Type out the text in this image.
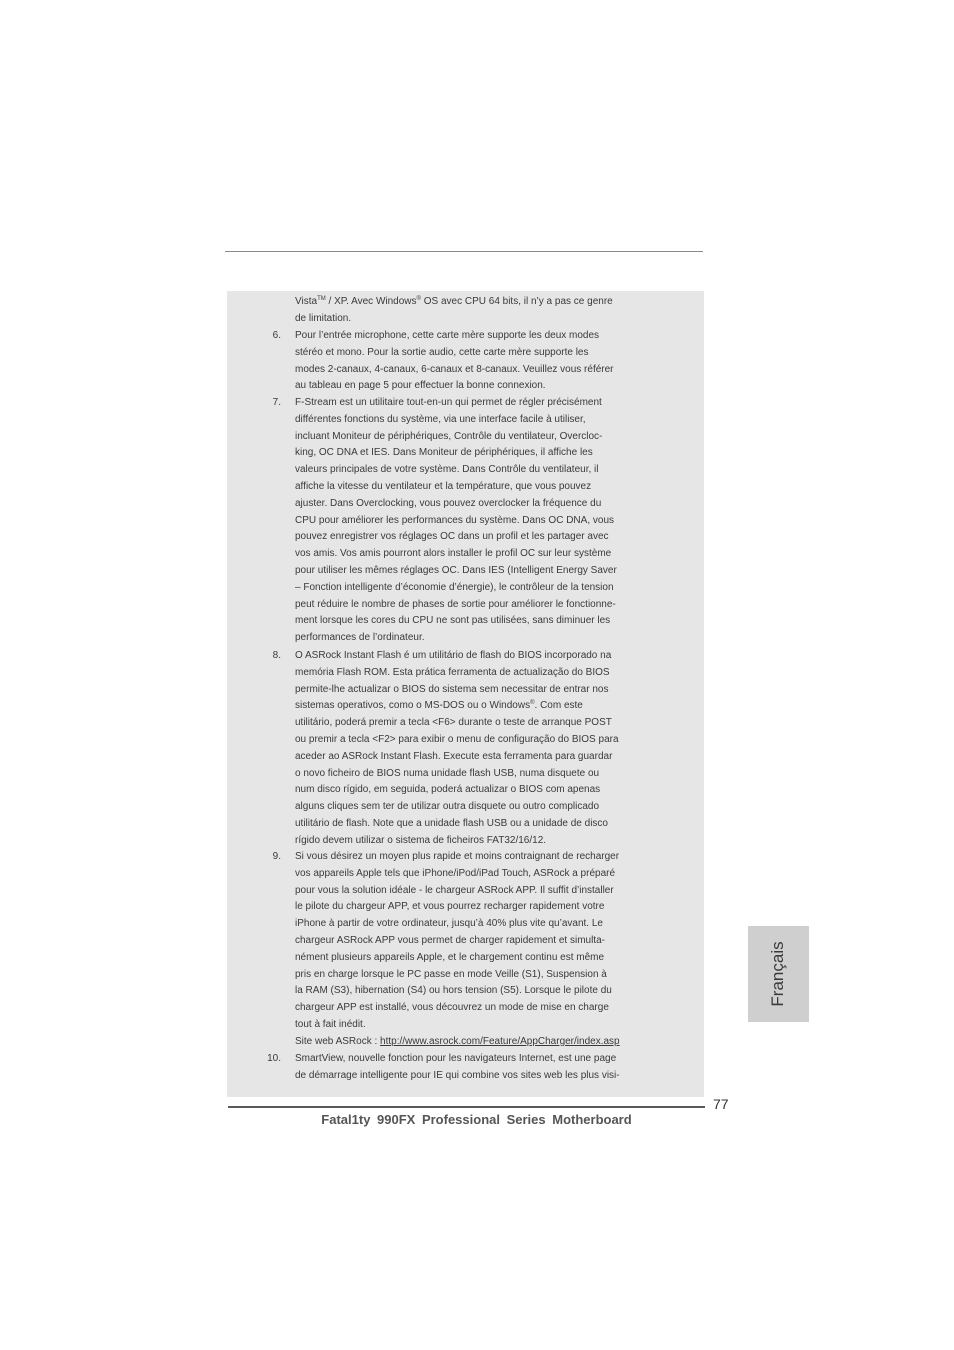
Vista™ / XP. Avec Windows® OS avec CPU 64 bits, il n’y a pas ce genre
de limitation.
6. Pour l’entrée microphone, cette carte mère supporte les deux modes
stéréo et mono. Pour la sortie audio, cette carte mère supporte les
modes 2-canaux, 4-canaux, 6-canaux et 8-canaux. Veuillez vous référer
au tableau en page 5 pour effectuer la bonne connexion.
7. F-Stream est un utilitaire tout-en-un qui permet de régler précisément
différentes fonctions du système, via une interface facile à utiliser,
incluant Moniteur de périphériques, Contrôle du ventilateur, Overcloc-
king, OC DNA et IES. Dans Moniteur de périphériques, il affiche les
valeurs principales de votre système. Dans Contrôle du ventilateur, il
affiche la vitesse du ventilateur et la température, que vous pouvez
ajuster. Dans Overclocking, vous pouvez overclocker la fréquence du
CPU pour améliorer les performances du système. Dans OC DNA, vous
pouvez enregistrer vos réglages OC dans un profil et les partager avec
vos amis. Vos amis pourront alors installer le profil OC sur leur système
pour utiliser les mêmes réglages OC. Dans IES (Intelligent Energy Saver
– Fonction intelligente d’économie d’énergie), le contrôleur de la tension
peut réduire le nombre de phases de sortie pour améliorer le fonctionne-
ment lorsque les cores du CPU ne sont pas utilisées, sans diminuer les
performances de l’ordinateur.
8. O ASRock Instant Flash é um utilitário de flash do BIOS incorporado na
memória Flash ROM. Esta prática ferramenta de actualização do BIOS
permite-lhe actualizar o BIOS do sistema sem necessitar de entrar nos
sistemas operativos, como o MS-DOS ou o Windows®. Com este
utilitário, poderá premir a tecla <F6> durante o teste de arranque POST
ou premir a tecla <F2> para exibir o menu de configuração do BIOS para
aceder ao ASRock Instant Flash. Execute esta ferramenta para guardar
o novo ficheiro de BIOS numa unidade flash USB, numa disquete ou
num disco rígido, em seguida, poderá actualizar o BIOS com apenas
alguns cliques sem ter de utilizar outra disquete ou outro complicado
utilitário de flash. Note que a unidade flash USB ou a unidade de disco
rígido devem utilizar o sistema de ficheiros FAT32/16/12.
9. Si vous désirez un moyen plus rapide et moins contraignant de recharger
vos appareils Apple tels que iPhone/iPod/iPad Touch, ASRock a préparé
pour vous la solution idéale - le chargeur ASRock APP. Il suffit d’installer
le pilote du chargeur APP, et vous pourrez recharger rapidement votre
iPhone à partir de votre ordinateur, jusqu’à 40% plus vite qu’avant. Le
chargeur ASRock APP vous permet de charger rapidement et simulta-
nément plusieurs appareils Apple, et le chargement continu est même
pris en charge lorsque le PC passe en mode Veille (S1), Suspension à
la RAM (S3), hibernation (S4) ou hors tension (S5). Lorsque le pilote du
chargeur APP est installé, vous découvrez un mode de mise en charge
tout à fait inédit.
Site web ASRock : http://www.asrock.com/Feature/AppCharger/index.asp
10. SmartView, nouvelle fonction pour les navigateurs Internet, est une page
de démarrage intelligente pour IE qui combine vos sites web les plus visi-
77
Fatal1ty 990FX Professional Series Motherboard
Français
